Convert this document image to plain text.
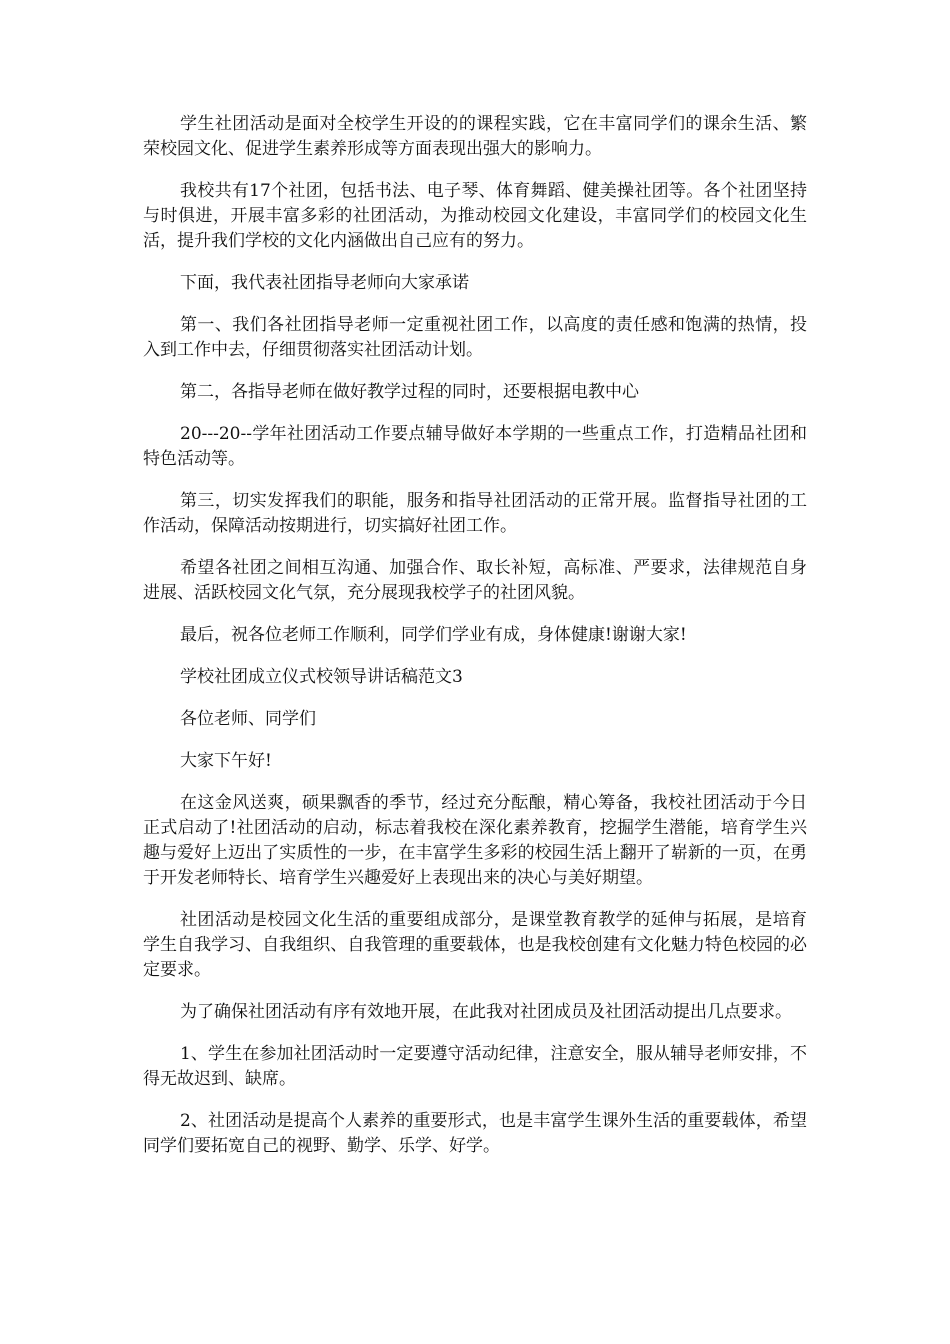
学生社团活动是面对全校学生开设的的课程实践，它在丰富同学们的课余生活、繁荣校园文化、促进学生素养形成等方面表现出强大的影响力。

我校共有17个社团，包括书法、电子琴、体育舞蹈、健美操社团等。各个社团坚持与时俱进，开展丰富多彩的社团活动，为推动校园文化建设，丰富同学们的校园文化生活，提升我们学校的文化内涵做出自己应有的努力。

下面，我代表社团指导老师向大家承诺

第一、我们各社团指导老师一定重视社团工作，以高度的责任感和饱满的热情，投入到工作中去，仔细贯彻落实社团活动计划。

第二，各指导老师在做好教学过程的同时，还要根据电教中心

20---20--学年社团活动工作要点辅导做好本学期的一些重点工作，打造精品社团和特色活动等。

第三，切实发挥我们的职能，服务和指导社团活动的正常开展。监督指导社团的工作活动，保障活动按期进行，切实搞好社团工作。

希望各社团之间相互沟通、加强合作、取长补短，高标准、严要求，法律规范自身进展、活跃校园文化气氛，充分展现我校学子的社团风貌。

最后，祝各位老师工作顺利，同学们学业有成，身体健康!谢谢大家!

学校社团成立仪式校领导讲话稿范文3

各位老师、同学们

大家下午好!

在这金风送爽，硕果飘香的季节，经过充分酝酿，精心筹备，我校社团活动于今日正式启动了!社团活动的启动，标志着我校在深化素养教育，挖掘学生潜能，培育学生兴趣与爱好上迈出了实质性的一步，在丰富学生多彩的校园生活上翻开了崭新的一页，在勇于开发老师特长、培育学生兴趣爱好上表现出来的决心与美好期望。

社团活动是校园文化生活的重要组成部分，是课堂教育教学的延伸与拓展，是培育学生自我学习、自我组织、自我管理的重要载体，也是我校创建有文化魅力特色校园的必定要求。

为了确保社团活动有序有效地开展，在此我对社团成员及社团活动提出几点要求。

1、学生在参加社团活动时一定要遵守活动纪律，注意安全，服从辅导老师安排，不得无故迟到、缺席。

2、社团活动是提高个人素养的重要形式，也是丰富学生课外生活的重要载体，希望同学们要拓宽自己的视野、勤学、乐学、好学。
